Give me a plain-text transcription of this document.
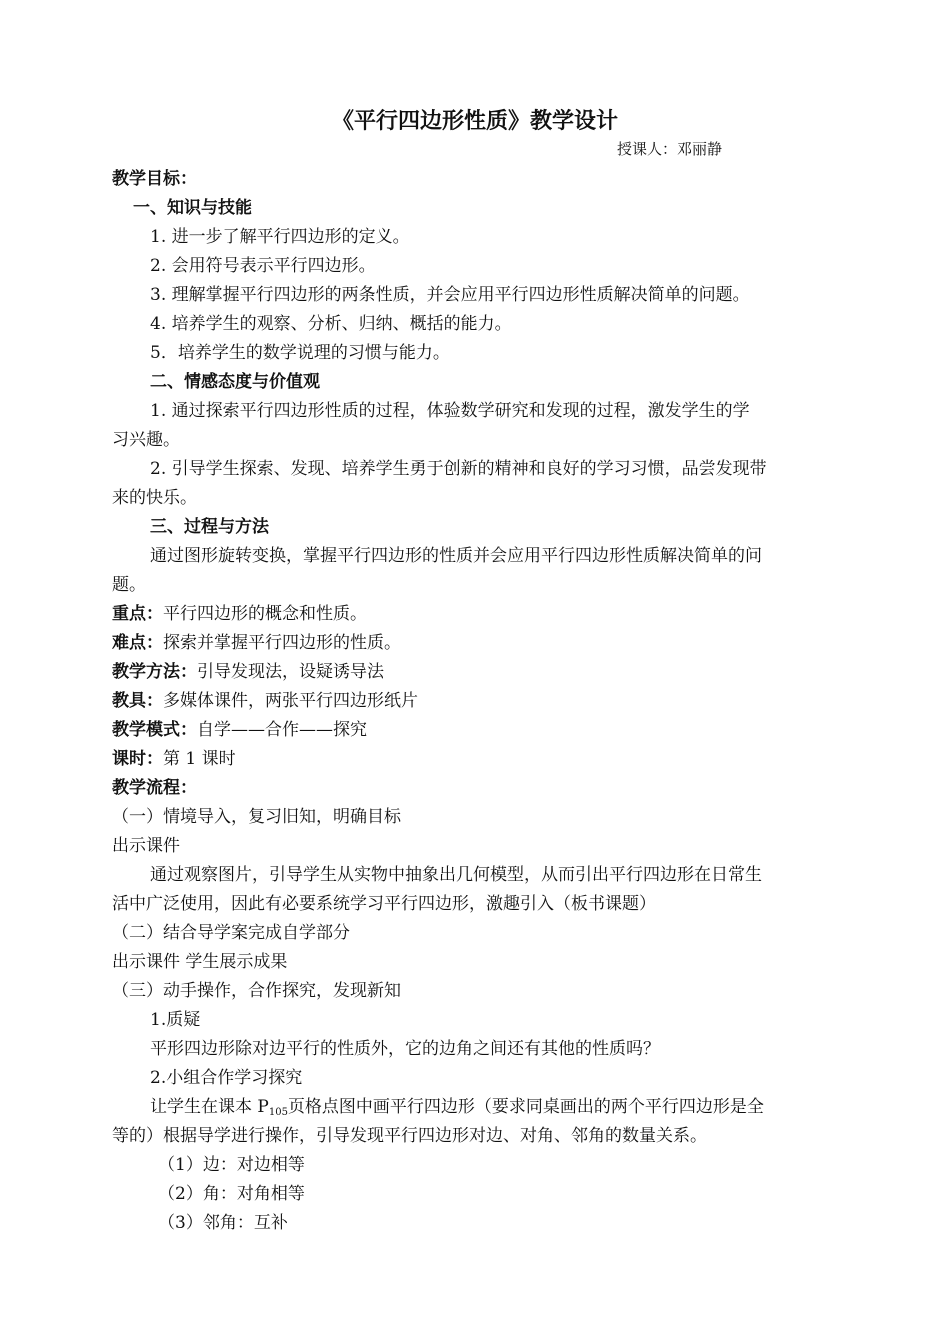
《平行四边形性质》教学设计
授课人：邓丽静
教学目标：
一、知识与技能
1. 进一步了解平行四边形的定义。
2. 会用符号表示平行四边形。
3. 理解掌握平行四边形的两条性质，并会应用平行四边形性质解决简单的问题。
4. 培养学生的观察、分析、归纳、概括的能力。
5．培养学生的数学说理的习惯与能力。
二、情感态度与价值观
1. 通过探索平行四边形性质的过程，体验数学研究和发现的过程，激发学生的学
习兴趣。
2. 引导学生探索、发现、培养学生勇于创新的精神和良好的学习习惯，品尝发现带
来的快乐。
三、过程与方法
通过图形旋转变换，掌握平行四边形的性质并会应用平行四边形性质解决简单的问
题。
重点：平行四边形的概念和性质。
难点：探索并掌握平行四边形的性质。
教学方法：引导发现法，设疑诱导法
教具：多媒体课件，两张平行四边形纸片
教学模式：自学——合作——探究
课时：第 1 课时
教学流程：
（一）情境导入，复习旧知，明确目标
出示课件
通过观察图片，引导学生从实物中抽象出几何模型，从而引出平行四边形在日常生
活中广泛使用，因此有必要系统学习平行四边形，激趣引入（板书课题）
（二）结合导学案完成自学部分
出示课件 学生展示成果
（三）动手操作，合作探究，发现新知
1.质疑
平形四边形除对边平行的性质外，它的边角之间还有其他的性质吗？
2.小组合作学习探究
让学生在课本 $P_{105}$页格点图中画平行四边形（要求同桌画出的两个平行四边形是全
等的）根据导学进行操作，引导发现平行四边形对边、对角、邻角的数量关系。
（1）边：对边相等
（2）角：对角相等
（3）邻角：互补
